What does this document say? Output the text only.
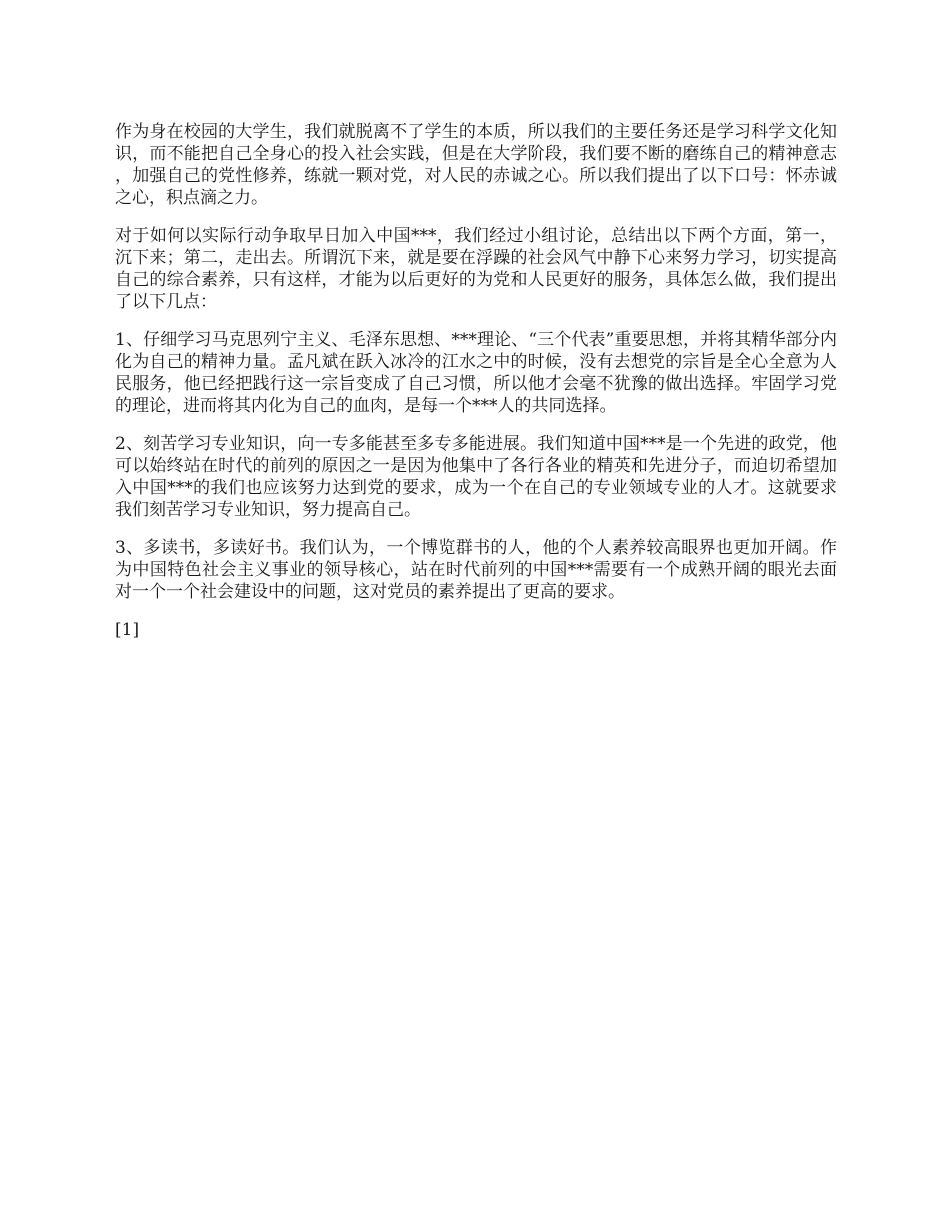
作为身在校园的大学生，我们就脱离不了学生的本质，所以我们的主要任务还是学习科学文化知识，而不能把自己全身心的投入社会实践，但是在大学阶段，我们要不断的磨练自己的精神意志，加强自己的党性修养，练就一颗对党，对人民的赤诚之心。所以我们提出了以下口号：怀赤诚之心，积点滴之力。

对于如何以实际行动争取早日加入中国***，我们经过小组讨论，总结出以下两个方面，第一，沉下来；第二，走出去。所谓沉下来，就是要在浮躁的社会风气中静下心来努力学习，切实提高自己的综合素养，只有这样，才能为以后更好的为党和人民更好的服务，具体怎么做，我们提出了以下几点：

1、仔细学习马克思列宁主义、毛泽东思想、***理论、“三个代表”重要思想，并将其精华部分内化为自己的精神力量。孟凡斌在跃入冰冷的江水之中的时候，没有去想党的宗旨是全心全意为人民服务，他已经把践行这一宗旨变成了自己习惯，所以他才会毫不犹豫的做出选择。牢固学习党的理论，进而将其内化为自己的血肉，是每一个***人的共同选择。

2、刻苦学习专业知识，向一专多能甚至多专多能进展。我们知道中国***是一个先进的政党，他可以始终站在时代的前列的原因之一是因为他集中了各行各业的精英和先进分子，而迫切希望加入中国***的我们也应该努力达到党的要求，成为一个在自己的专业领域专业的人才。这就要求我们刻苦学习专业知识，努力提高自己。

3、多读书，多读好书。我们认为，一个博览群书的人，他的个人素养较高眼界也更加开阔。作为中国特色社会主义事业的领导核心，站在时代前列的中国***需要有一个成熟开阔的眼光去面对一个一个社会建设中的问题，这对党员的素养提出了更高的要求。

[1]
